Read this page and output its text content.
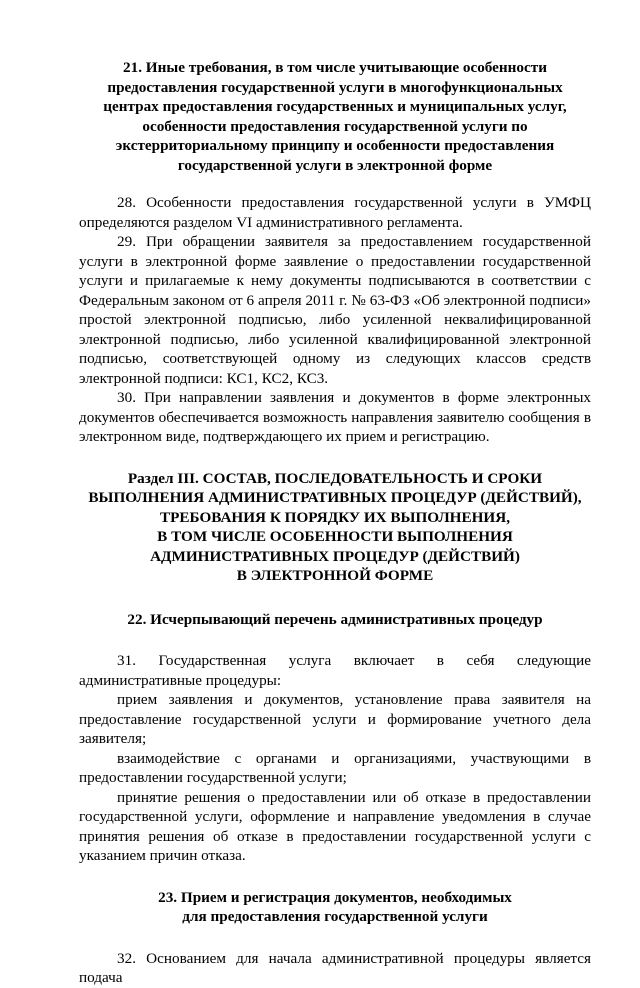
21. Иные требования, в том числе учитывающие особенности
предоставления государственной услуги в многофункциональных
центрах предоставления государственных и муниципальных услуг,
особенности предоставления государственной услуги по
экстерриториальному принципу и особенности предоставления
государственной услуги в электронной форме

28. Особенности предоставления государственной услуги в УМФЦ определяются разделом VI административного регламента.

29. При обращении заявителя за предоставлением государственной услуги в электронной форме заявление о предоставлении государственной услуги и прилагаемые к нему документы подписываются в соответствии с Федеральным законом от 6 апреля 2011 г. № 63-ФЗ «Об электронной подписи» простой электронной подписью, либо усиленной неквалифицированной электронной подписью, либо усиленной квалифицированной электронной подписью, соответствующей одному из следующих классов средств электронной подписи: КС1, КС2, КС3.

30. При направлении заявления и документов в форме электронных документов обеспечивается возможность направления заявителю сообщения в электронном виде, подтверждающего их прием и регистрацию.

Раздел III. СОСТАВ, ПОСЛЕДОВАТЕЛЬНОСТЬ И СРОКИ
ВЫПОЛНЕНИЯ АДМИНИСТРАТИВНЫХ ПРОЦЕДУР (ДЕЙСТВИЙ),
ТРЕБОВАНИЯ К ПОРЯДКУ ИХ ВЫПОЛНЕНИЯ,
В ТОМ ЧИСЛЕ ОСОБЕННОСТИ ВЫПОЛНЕНИЯ
АДМИНИСТРАТИВНЫХ ПРОЦЕДУР (ДЕЙСТВИЙ)
В ЭЛЕКТРОННОЙ ФОРМЕ
22. Исчерпывающий перечень административных процедур

31. Государственная услуга включает в себя следующие административные процедуры:

прием заявления и документов, установление права заявителя на предоставление государственной услуги и формирование учетного дела заявителя;

взаимодействие с органами и организациями, участвующими в предоставлении государственной услуги;

принятие решения о предоставлении или об отказе в предоставлении государственной услуги, оформление и направление уведомления в случае принятия решения об отказе в предоставлении государственной услуги с указанием причин отказа.

23. Прием и регистрация документов, необходимых
для предоставления государственной услуги

32. Основанием для начала административной процедуры является подача
